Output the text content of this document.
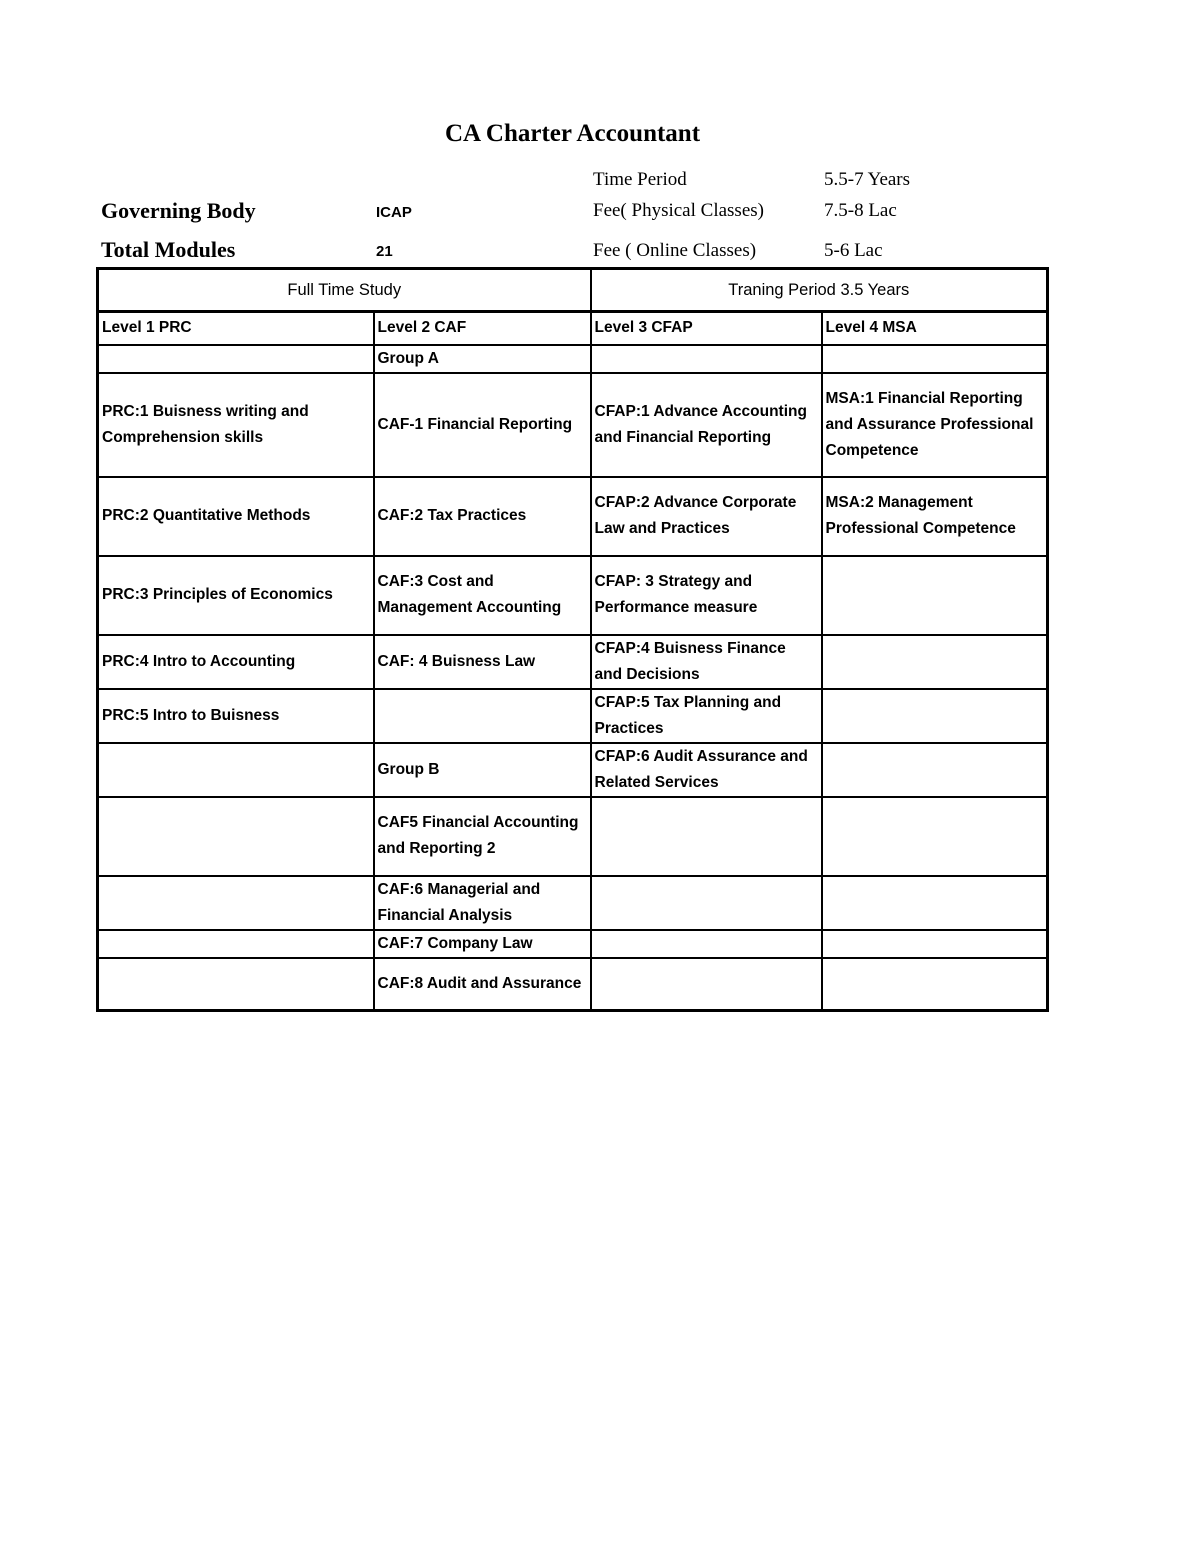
CA Charter Accountant
Time Period	5.5-7 Years
Governing Body	ICAP	Fee( Physical Classes)	7.5-8 Lac
Total Modules	21	Fee ( Online Classes)	5-6 Lac
Full Time Study		Traning Period 3.5 Years	
Level 1 PRC	Level 2 CAF	Level 3 CFAP	Level 4 MSA
	Group A		
PRC:1 Buisness writing and Comprehension skills	CAF-1 Financial Reporting	CFAP:1 Advance Accounting and Financial Reporting	MSA:1 Financial Reporting and Assurance Professional Competence
PRC:2 Quantitative Methods	CAF:2 Tax Practices	CFAP:2 Advance Corporate Law and Practices	MSA:2 Management Professional Competence
PRC:3 Principles of Economics	CAF:3 Cost and Management Accounting	CFAP: 3 Strategy and Performance measure	
PRC:4 Intro to Accounting	CAF: 4 Buisness Law	CFAP:4 Buisness Finance and Decisions	
PRC:5 Intro to Buisness		CFAP:5 Tax Planning and Practices	
	Group B	CFAP:6 Audit Assurance and Related Services	
	CAF5 Financial Accounting and Reporting 2		
	CAF:6 Managerial and Financial Analysis		
	CAF:7 Company Law		
	CAF:8 Audit and Assurance		
